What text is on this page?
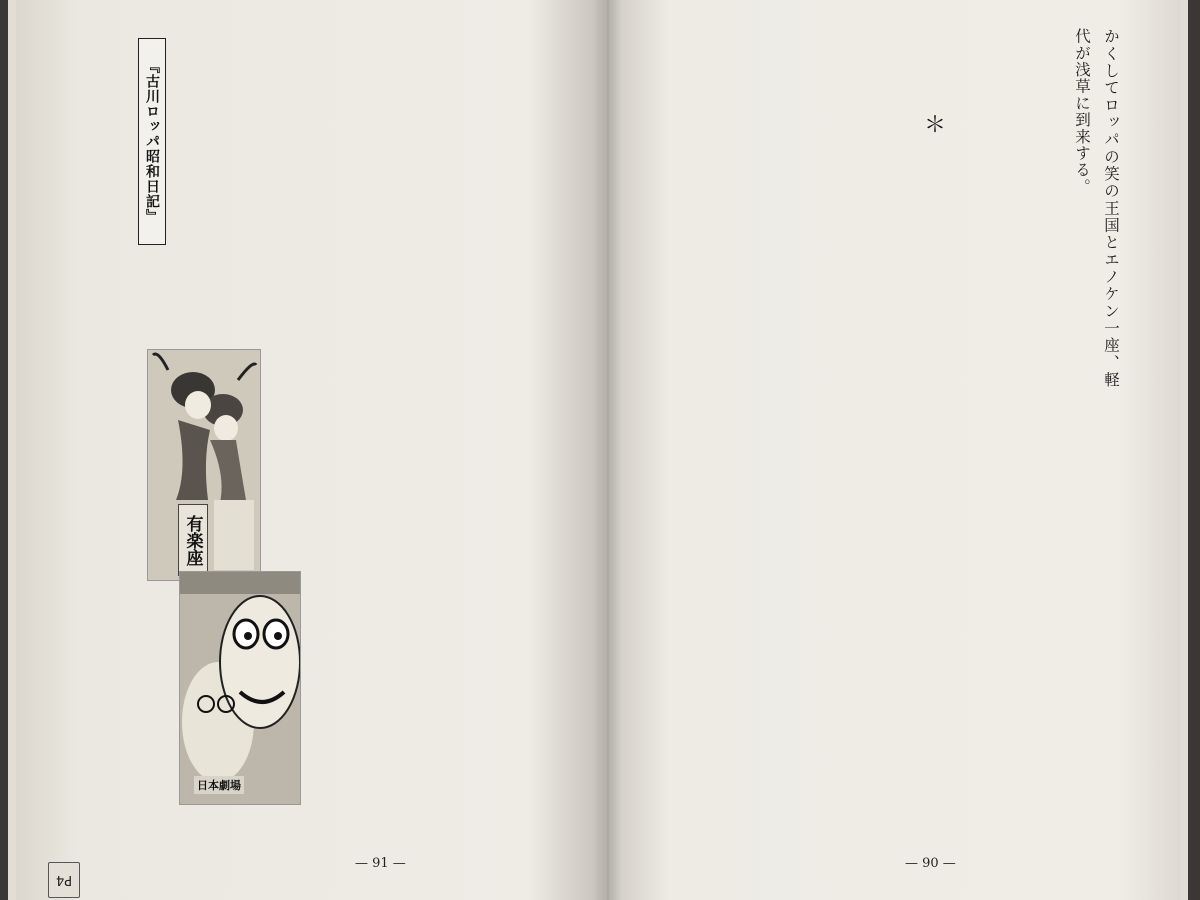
『古川ロッパ昭和日記』
— 91 —
有楽座
日本劇場
P4
かくしてロッパの笑の王国とエノケン一座、軽
代が浅草に到来する。
＊
— 90 —
